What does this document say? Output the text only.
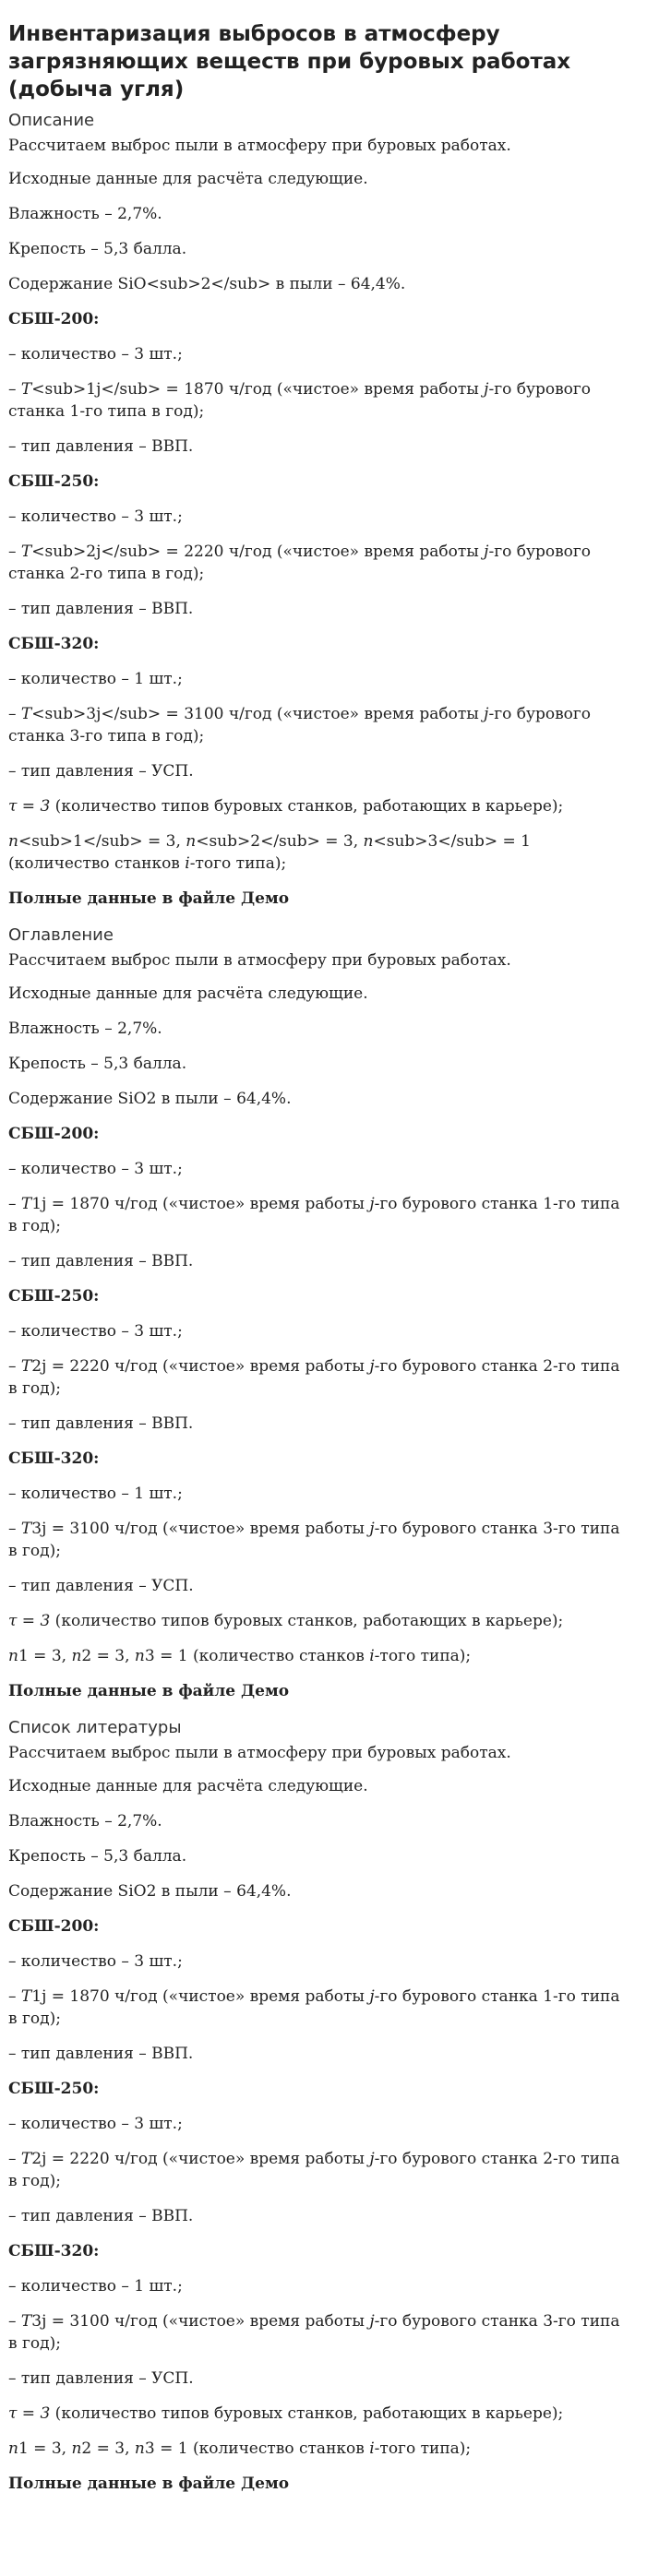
Инвентаризация выбросов в атмосферу загрязняющих веществ при буровых работах (добыча угля)
Описание

Рассчитаем выброс пыли в атмосферу при буровых работах.

Исходные данные для расчёта следующие.

Влажность – 2,7%.

Крепость – 5,3 балла.

Содержание SiO<sub>2</sub> в пыли – 64,4%.

СБШ-200:

– количество – 3 шт.;

– T<sub>1j</sub> = 1870 ч/год («чистое» время работы j-го бурового станка 1-го типа в год);

– тип давления – ВВП.

СБШ-250:

– количество – 3 шт.;

– T<sub>2j</sub> = 2220 ч/год («чистое» время работы j-го бурового станка 2-го типа в год);

– тип давления – ВВП.

СБШ-320:

– количество – 1 шт.;

– T<sub>3j</sub> = 3100 ч/год («чистое» время работы j-го бурового станка 3-го типа в год);

– тип давления – УСП.

τ = 3 (количество типов буровых станков, работающих в карьере);

n<sub>1</sub> = 3, n<sub>2</sub> = 3, n<sub>3</sub> = 1 (количество станков i-того типа);

Полные данные в файле Демо

Оглавление

Рассчитаем выброс пыли в атмосферу при буровых работах.

Исходные данные для расчёта следующие.

Влажность – 2,7%.

Крепость – 5,3 балла.

Содержание SiO2 в пыли – 64,4%.

СБШ-200:

– количество – 3 шт.;

– T1j = 1870 ч/год («чистое» время работы j-го бурового станка 1-го типа в год);

– тип давления – ВВП.

СБШ-250:

– количество – 3 шт.;

– T2j = 2220 ч/год («чистое» время работы j-го бурового станка 2-го типа в год);

– тип давления – ВВП.

СБШ-320:

– количество – 1 шт.;

– T3j = 3100 ч/год («чистое» время работы j-го бурового станка 3-го типа в год);

– тип давления – УСП.

τ = 3 (количество типов буровых станков, работающих в карьере);

n1 = 3, n2 = 3, n3 = 1 (количество станков i-того типа);

Полные данные в файле Демо

Список литературы

Рассчитаем выброс пыли в атмосферу при буровых работах.

Исходные данные для расчёта следующие.

Влажность – 2,7%.

Крепость – 5,3 балла.

Содержание SiO2 в пыли – 64,4%.

СБШ-200:

– количество – 3 шт.;

– T1j = 1870 ч/год («чистое» время работы j-го бурового станка 1-го типа в год);

– тип давления – ВВП.

СБШ-250:

– количество – 3 шт.;

– T2j = 2220 ч/год («чистое» время работы j-го бурового станка 2-го типа в год);

– тип давления – ВВП.

СБШ-320:

– количество – 1 шт.;

– T3j = 3100 ч/год («чистое» время работы j-го бурового станка 3-го типа в год);

– тип давления – УСП.

τ = 3 (количество типов буровых станков, работающих в карьере);

n1 = 3, n2 = 3, n3 = 1 (количество станков i-того типа);

Полные данные в файле Демо
